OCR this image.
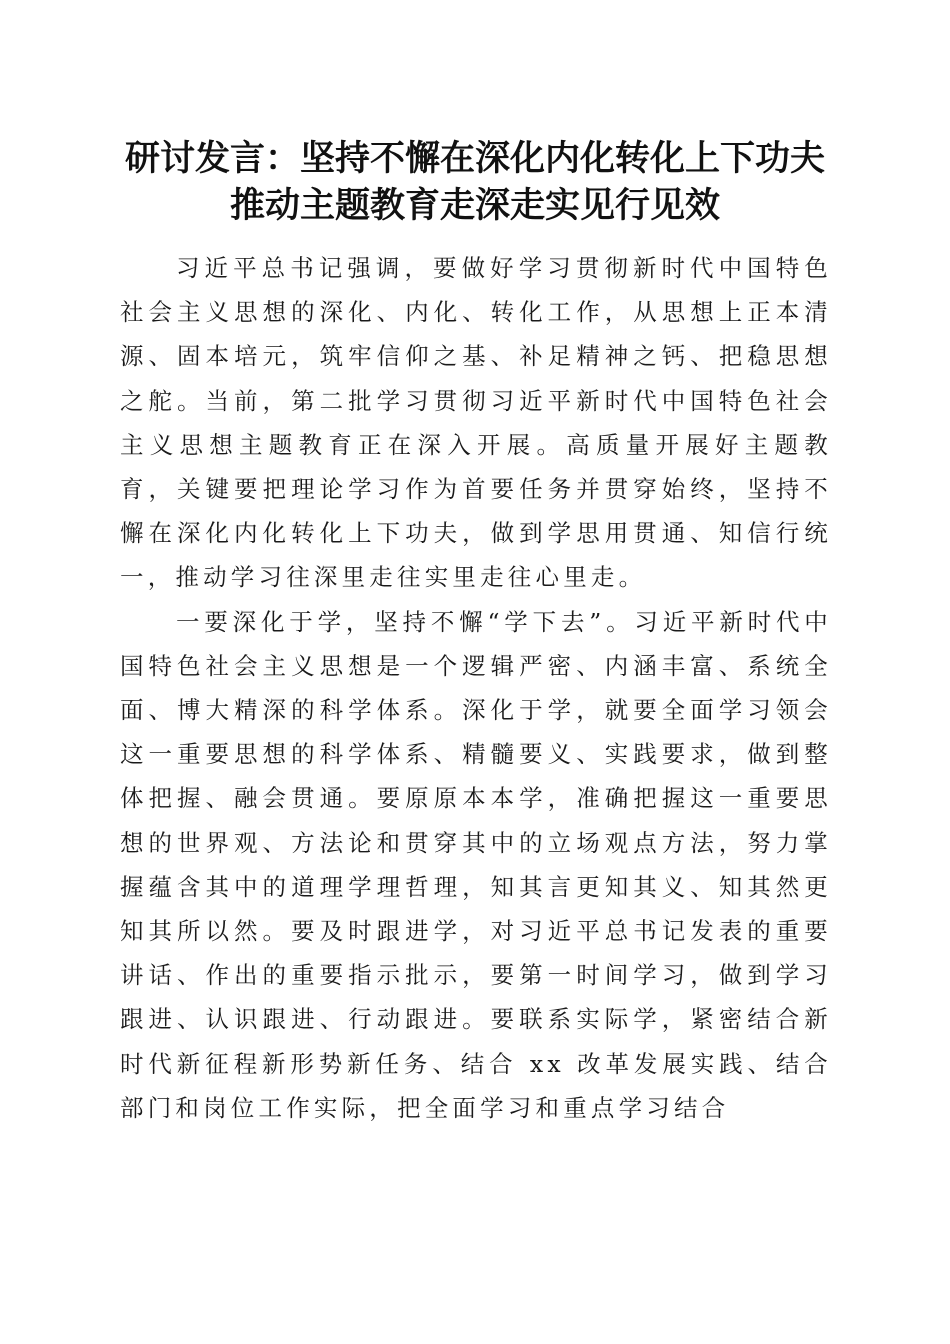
研讨发言：坚持不懈在深化内化转化上下功夫
推动主题教育走深走实见行见效

习近平总书记强调，要做好学习贯彻新时代中国特色社会主义思想的深化、内化、转化工作，从思想上正本清源、固本培元，筑牢信仰之基、补足精神之钙、把稳思想之舵。当前，第二批学习贯彻习近平新时代中国特色社会主义思想主题教育正在深入开展。高质量开展好主题教育，关键要把理论学习作为首要任务并贯穿始终，坚持不懈在深化内化转化上下功夫，做到学思用贯通、知信行统一，推动学习往深里走往实里走往心里走。

一要深化于学，坚持不懈“学下去”。习近平新时代中国特色社会主义思想是一个逻辑严密、内涵丰富、系统全面、博大精深的科学体系。深化于学，就要全面学习领会这一重要思想的科学体系、精髓要义、实践要求，做到整体把握、融会贯通。要原原本本学，准确把握这一重要思想的世界观、方法论和贯穿其中的立场观点方法，努力掌握蕴含其中的道理学理哲理，知其言更知其义、知其然更知其所以然。要及时跟进学，对习近平总书记发表的重要讲话、作出的重要指示批示，要第一时间学习，做到学习跟进、认识跟进、行动跟进。要联系实际学，紧密结合新时代新征程新形势新任务、结合 xx 改革发展实践、结合部门和岗位工作实际，把全面学习和重点学习结合
